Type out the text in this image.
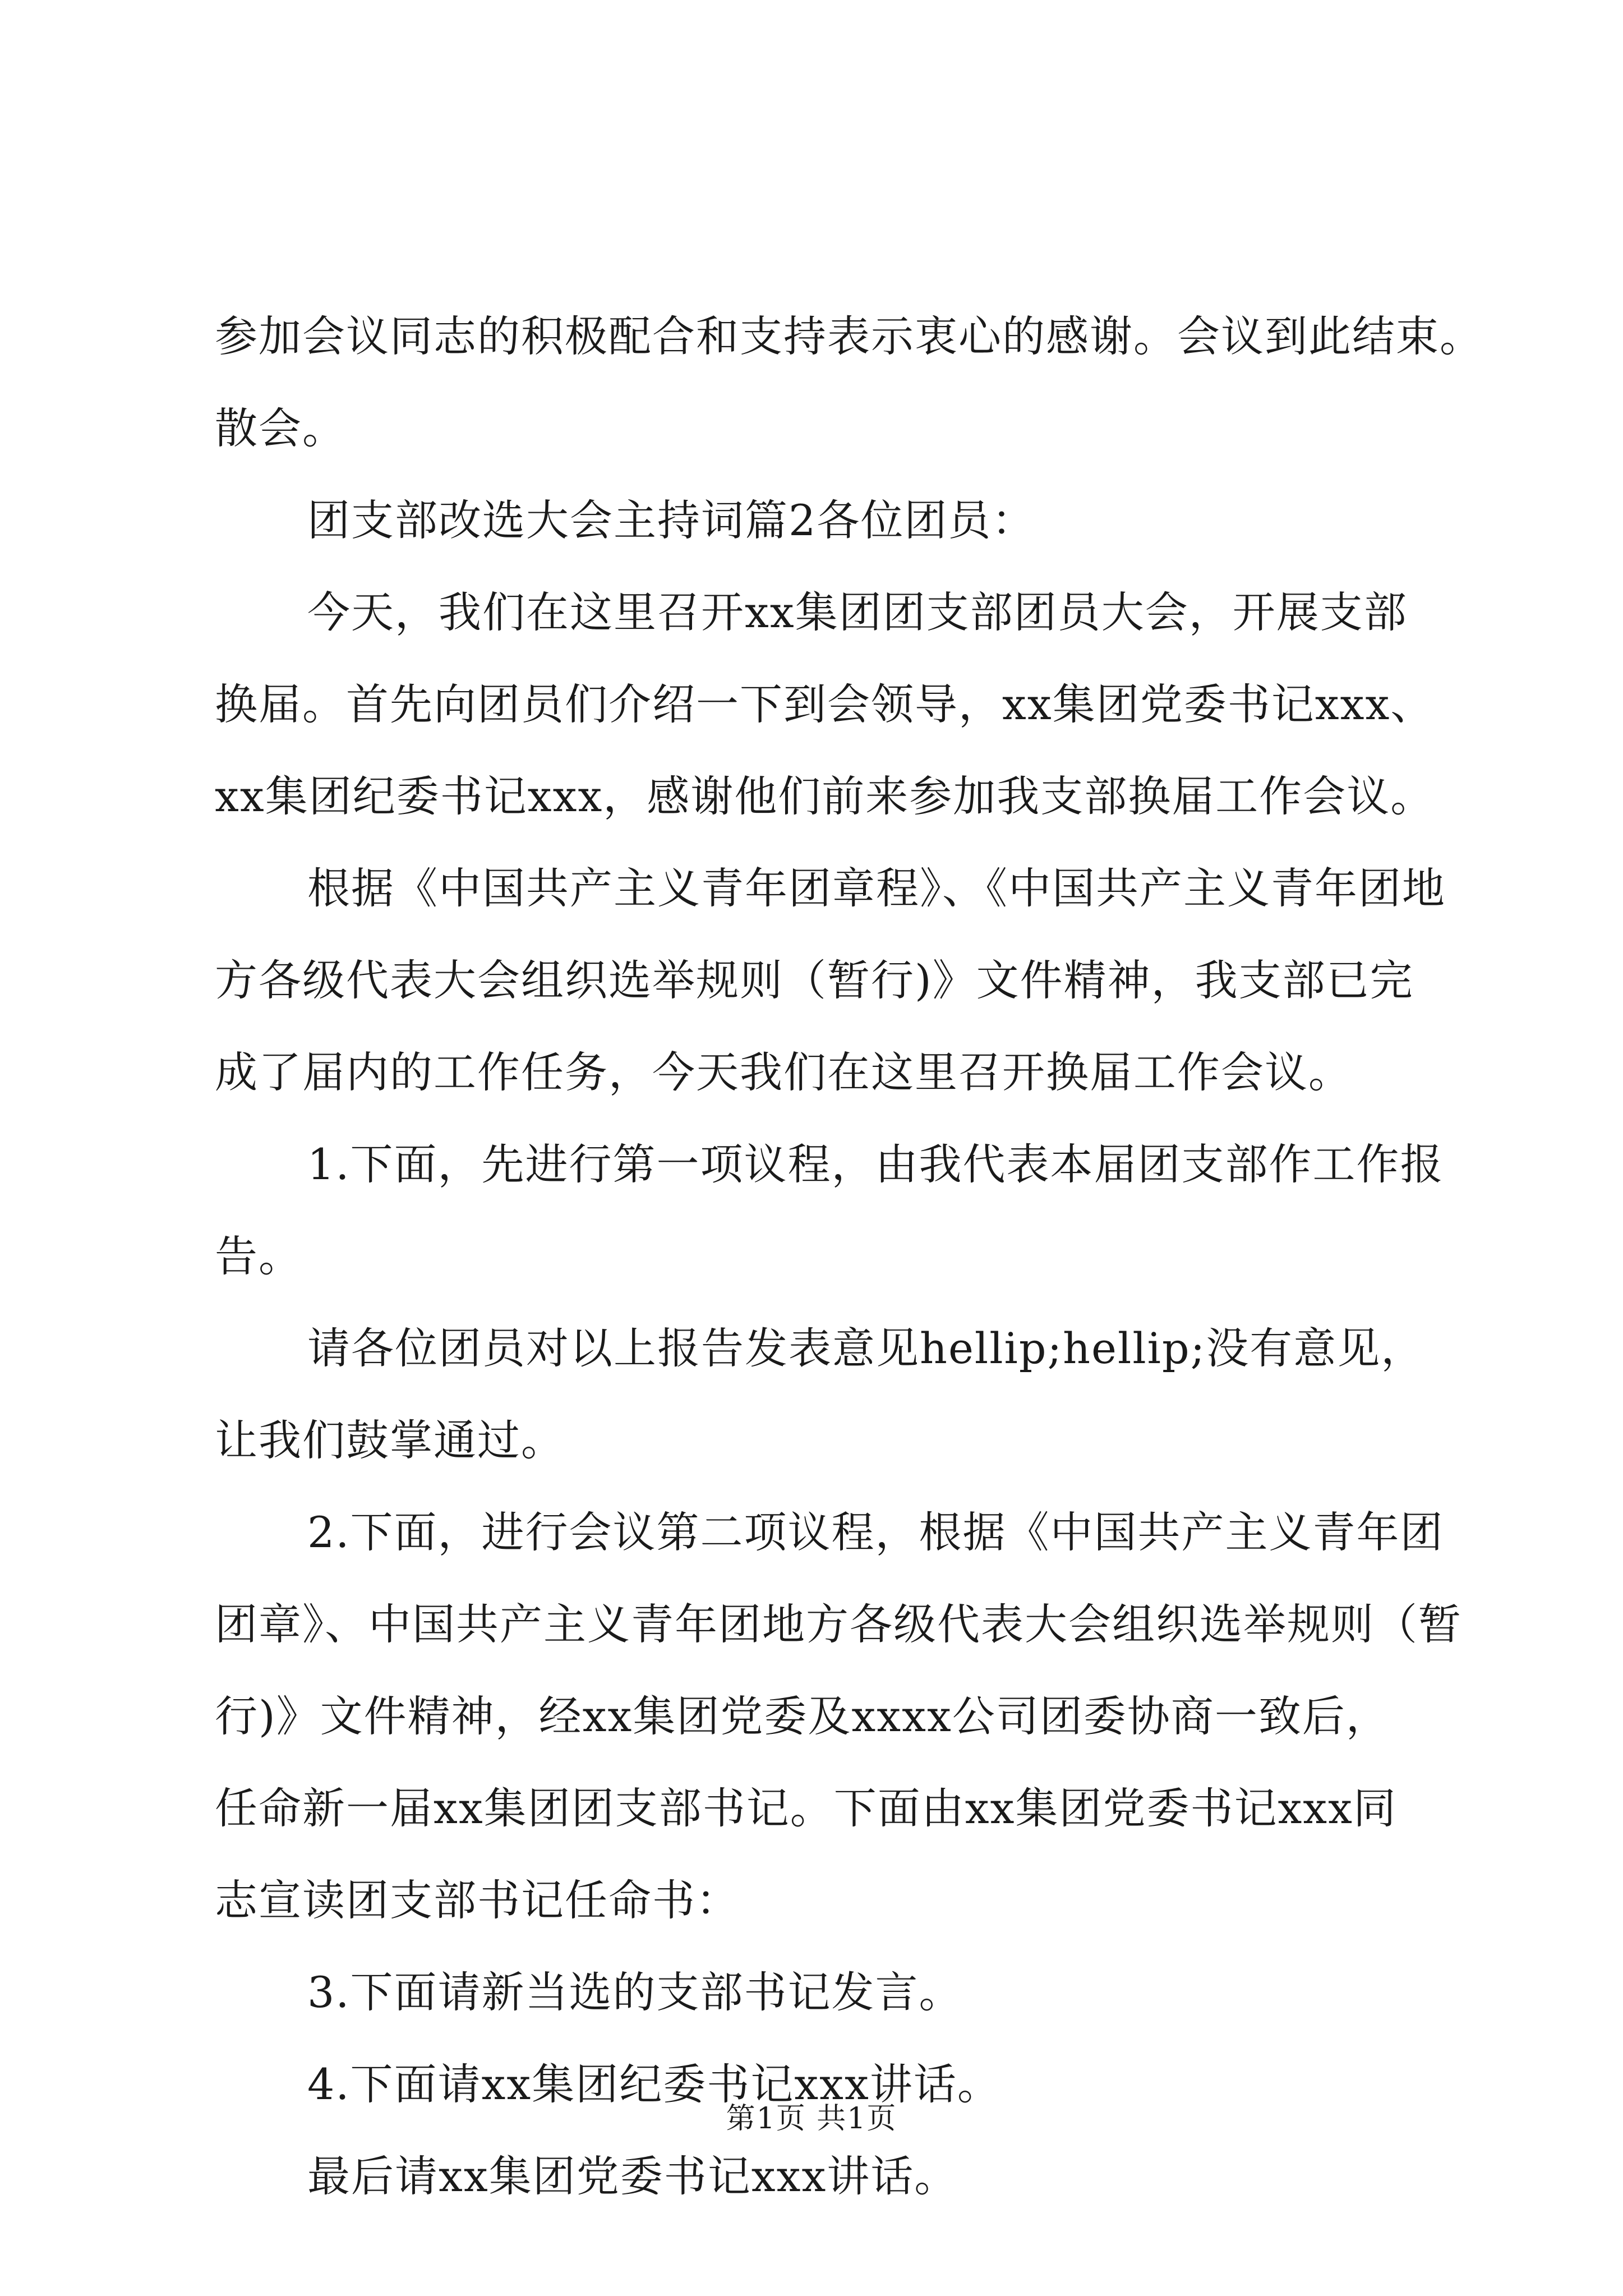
参加会议同志的积极配合和支持表示衷心的感谢。会议到此结束。

散会。

团支部改选大会主持词篇2各位团员：

今天，我们在这里召开xx集团团支部团员大会，开展支部

换届。首先向团员们介绍一下到会领导，xx集团党委书记xxx、

xx集团纪委书记xxx，感谢他们前来参加我支部换届工作会议。

根据《中国共产主义青年团章程》、《中国共产主义青年团地

方各级代表大会组织选举规则（暂行)》文件精神，我支部已完

成了届内的工作任务，今天我们在这里召开换届工作会议。

1.下面，先进行第一项议程，由我代表本届团支部作工作报

告。

请各位团员对以上报告发表意见hellip;hellip;没有意见，

让我们鼓掌通过。

2.下面，进行会议第二项议程，根据《中国共产主义青年团

团章》、中国共产主义青年团地方各级代表大会组织选举规则（暂

行)》文件精神，经xx集团党委及xxxx公司团委协商一致后，

任命新一届xx集团团支部书记。下面由xx集团党委书记xxx同

志宣读团支部书记任命书：

3.下面请新当选的支部书记发言。

4.下面请xx集团纪委书记xxx讲话。

最后请xx集团党委书记xxx讲话。

第1页 共1页
